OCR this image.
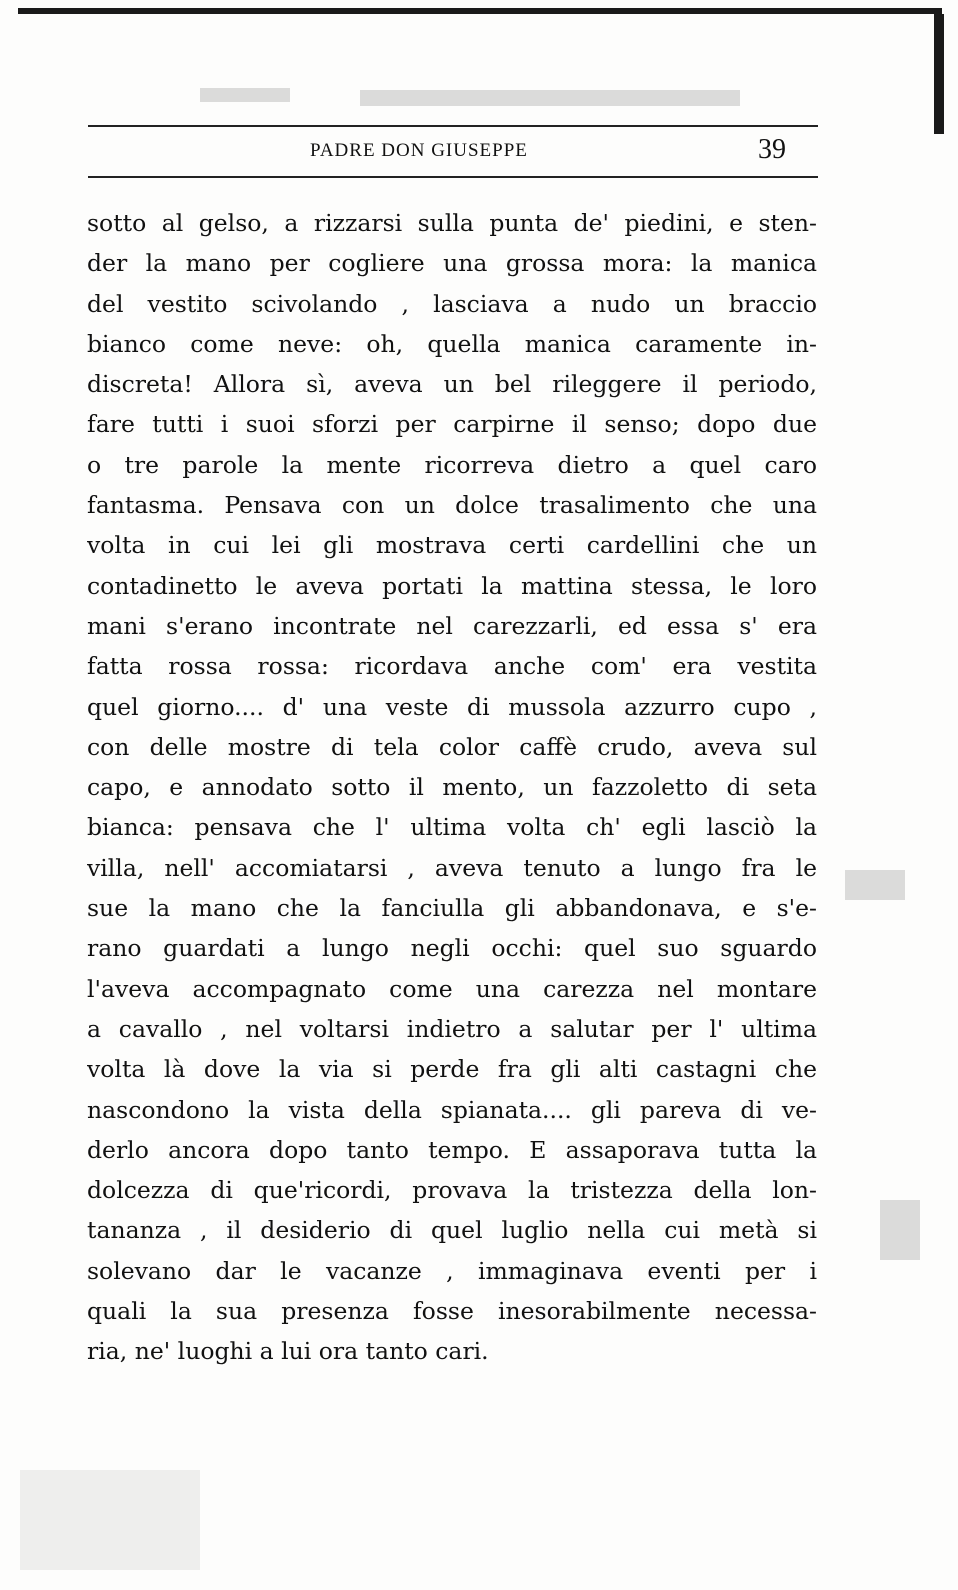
PADRE DON GIUSEPPE	39
sotto al gelso, a rizzarsi sulla punta de' piedini, e sten-
der la mano per cogliere una grossa mora: la manica
del vestito scivolando , lasciava a nudo un braccio
bianco come neve: oh, quella manica caramente in-
discreta! Allora sì, aveva un bel rileggere il periodo,
fare tutti i suoi sforzi per carpirne il senso; dopo due
o tre parole la mente ricorreva dietro a quel caro
fantasma. Pensava con un dolce trasalimento che una
volta in cui lei gli mostrava certi cardellini che un
contadinetto le aveva portati la mattina stessa, le loro
mani s'erano incontrate nel carezzarli, ed essa s' era
fatta rossa rossa: ricordava anche com' era vestita
quel giorno.... d' una veste di mussola azzurro cupo ,
con delle mostre di tela color caffè crudo, aveva sul
capo, e annodato sotto il mento, un fazzoletto di seta
bianca: pensava che l' ultima volta ch' egli lasciò la
villa, nell' accomiatarsi , aveva tenuto a lungo fra le
sue la mano che la fanciulla gli abbandonava, e s'e-
rano guardati a lungo negli occhi: quel suo sguardo
l'aveva accompagnato come una carezza nel montare
a cavallo , nel voltarsi indietro a salutar per l' ultima
volta là dove la via si perde fra gli alti castagni che
nascondono la vista della spianata.... gli pareva di ve-
derlo ancora dopo tanto tempo. E assaporava tutta la
dolcezza di que'ricordi, provava la tristezza della lon-
tananza , il desiderio di quel luglio nella cui metà si
solevano dar le vacanze , immaginava eventi per i
quali la sua presenza fosse inesorabilmente necessa-
ria, ne' luoghi a lui ora tanto cari.
